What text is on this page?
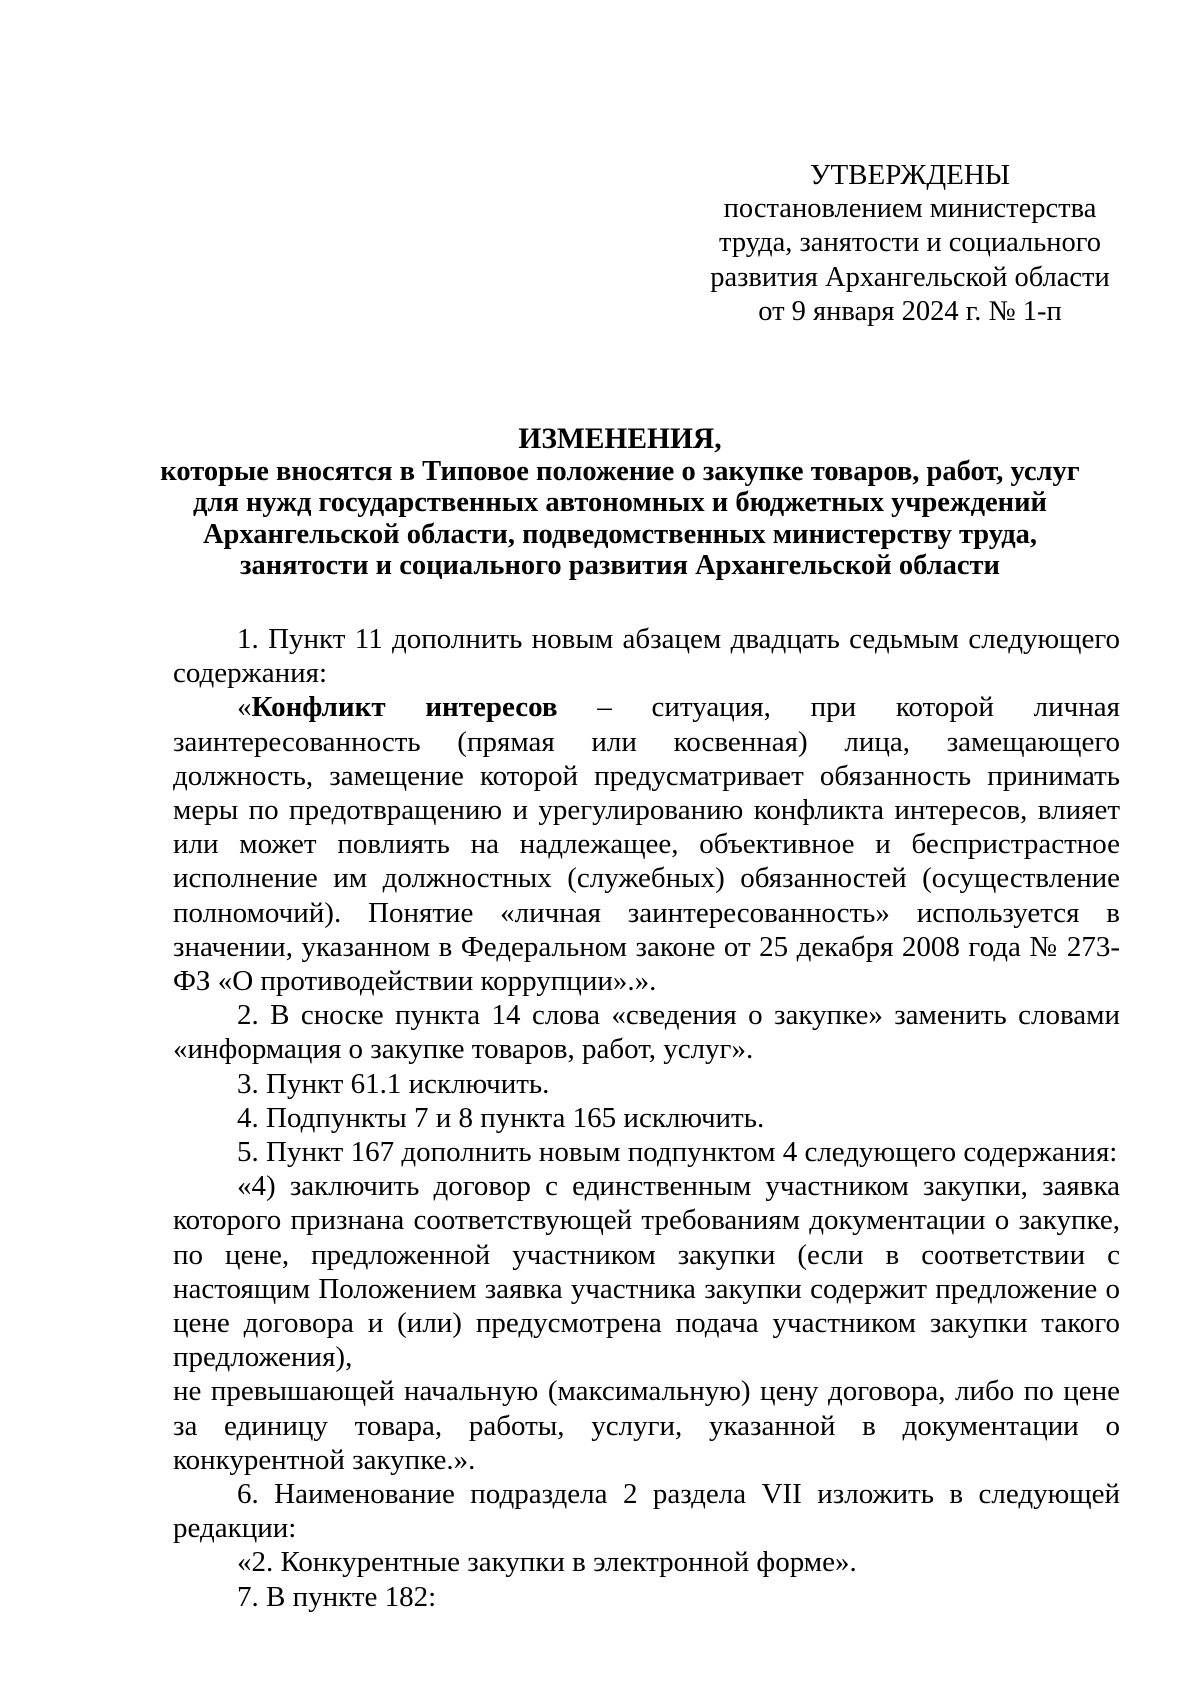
УТВЕРЖДЕНЫ
постановлением министерства
труда, занятости и социального
развития Архангельской области
от 9 января 2024 г. № 1-п
ИЗМЕНЕНИЯ,
которые вносятся в Типовое положение о закупке товаров, работ, услуг для нужд государственных автономных и бюджетных учреждений Архангельской области, подведомственных министерству труда, занятости и социального развития Архангельской области

1. Пункт 11 дополнить новым абзацем двадцать седьмым следующего содержания:

«Конфликт интересов – ситуация, при которой личная заинтересованность (прямая или косвенная) лица, замещающего должность, замещение которой предусматривает обязанность принимать меры по предотвращению и урегулированию конфликта интересов, влияет или может повлиять на надлежащее, объективное и беспристрастное исполнение им должностных (служебных) обязанностей (осуществление полномочий). Понятие «личная заинтересованность» используется в значении, указанном в Федеральном законе от 25 декабря 2008 года № 273-ФЗ «О противодействии коррупции».».

2. В сноске пункта 14 слова «сведения о закупке» заменить словами «информация о закупке товаров, работ, услуг».

3. Пункт 61.1 исключить.

4. Подпункты 7 и 8 пункта 165 исключить.

5. Пункт 167 дополнить новым подпунктом 4 следующего содержания:

«4) заключить договор с единственным участником закупки, заявка которого признана соответствующей требованиям документации о закупке, по цене, предложенной участником закупки (если в соответствии с настоящим Положением заявка участника закупки содержит предложение о цене договора и (или) предусмотрена подача участником закупки такого предложения),

не превышающей начальную (максимальную) цену договора, либо по цене за единицу товара, работы, услуги, указанной в документации о конкурентной закупке.».

6. Наименование подраздела 2 раздела VII изложить в следующей редакции:

«2. Конкурентные закупки в электронной форме».

7. В пункте 182:
